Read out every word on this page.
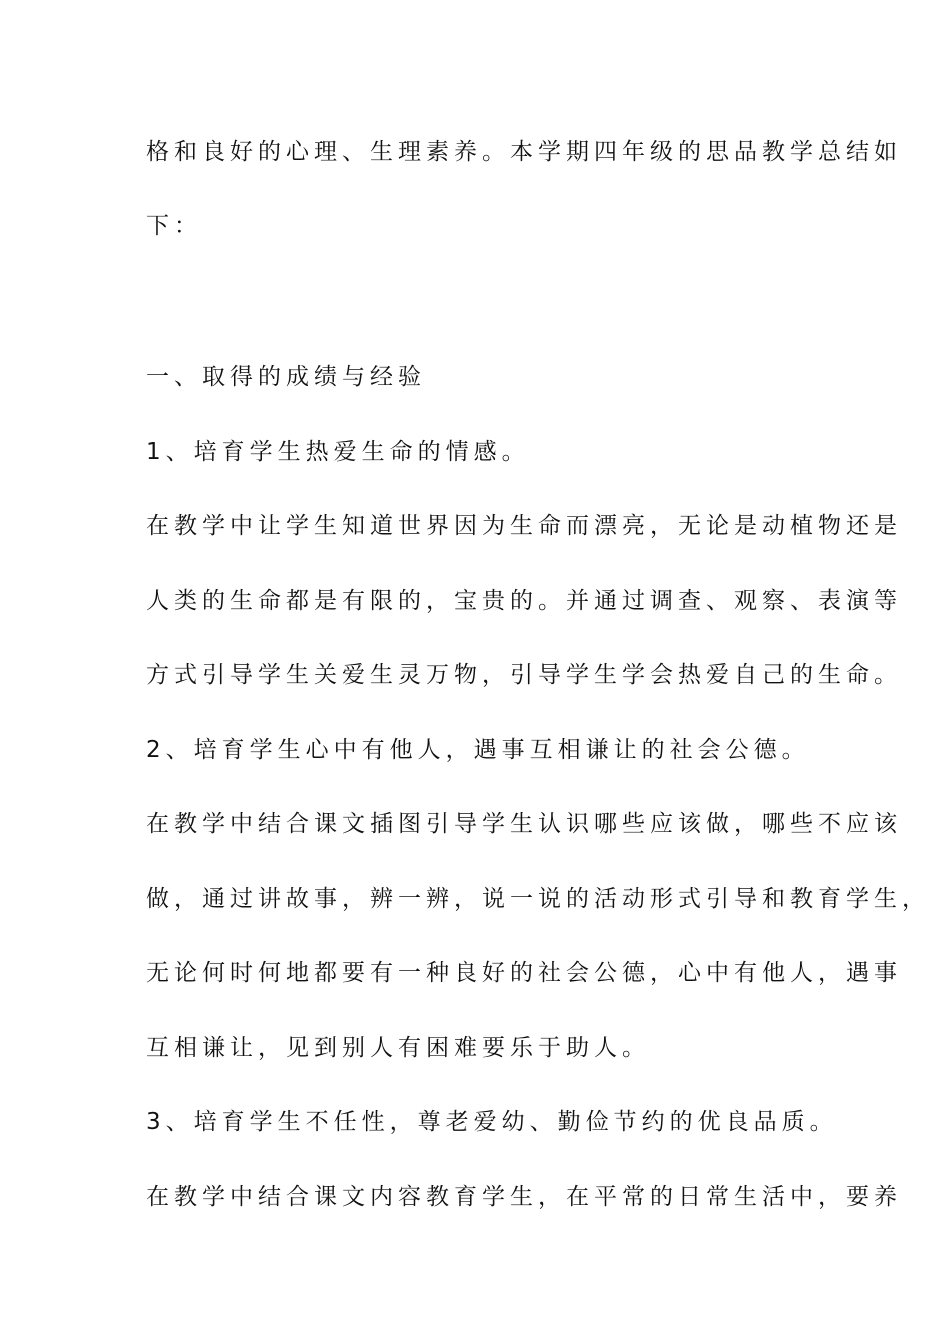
格和良好的心理、生理素养。本学期四年级的思品教学总结如

下：

一、取得的成绩与经验

1、培育学生热爱生命的情感。

在教学中让学生知道世界因为生命而漂亮，无论是动植物还是

人类的生命都是有限的，宝贵的。并通过调查、观察、表演等

方式引导学生关爱生灵万物，引导学生学会热爱自己的生命。

2、培育学生心中有他人，遇事互相谦让的社会公德。

在教学中结合课文插图引导学生认识哪些应该做，哪些不应该

做，通过讲故事，辨一辨，说一说的活动形式引导和教育学生，

无论何时何地都要有一种良好的社会公德，心中有他人，遇事

互相谦让，见到别人有困难要乐于助人。

3、培育学生不任性，尊老爱幼、勤俭节约的优良品质。

在教学中结合课文内容教育学生，在平常的日常生活中，要养
